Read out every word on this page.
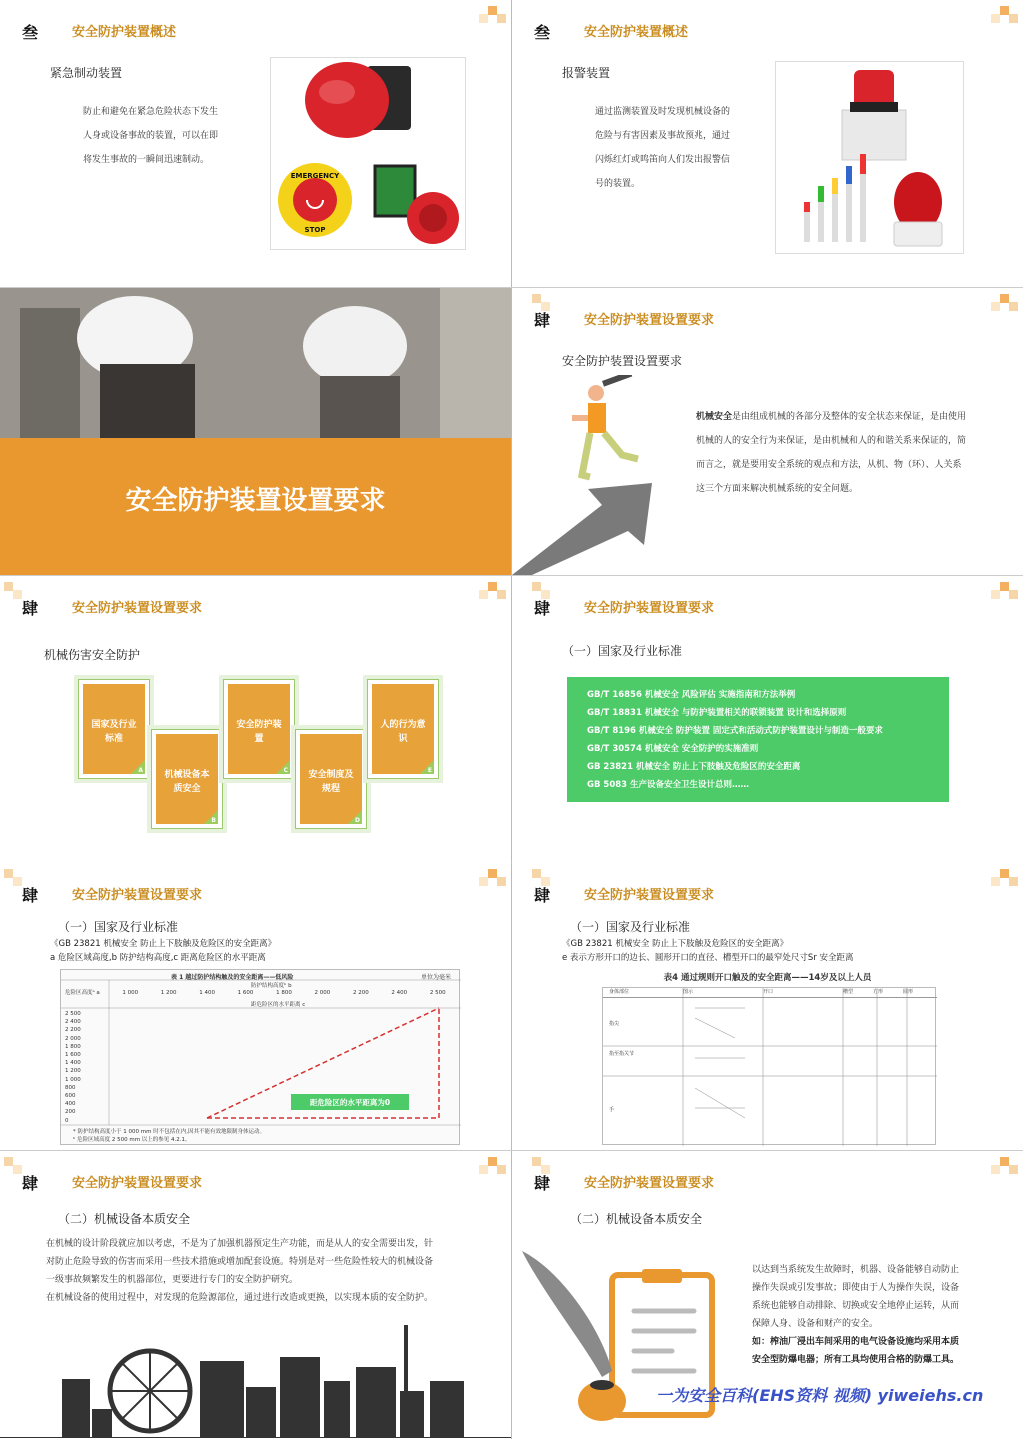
叁	安全防护装置概述
紧急制动装置
防止和避免在紧急危险状态下发生
人身或设备事故的装置，可以在即
将发生事故的一瞬间迅速制动。
EMERGENCY
STOP
叁	安全防护装置概述
报警装置
通过监测装置及时发现机械设备的
危险与有害因素及事故预兆，通过
闪烁红灯或鸣笛向人们发出报警信
号的装置。
安全防护装置设置要求
肆	安全防护装置设置要求
安全防护装置设置要求
机械安全是由组成机械的各部分及整体的安全状态来保证，是由使用
机械的人的安全行为来保证，是由机械和人的和谐关系来保证的，简
而言之，就是要用安全系统的观点和方法，从机、物（环）、人关系
这三个方面来解决机械系统的安全问题。
肆	安全防护装置设置要求
机械伤害安全防护
国家及行业标准
A 机械设备本质安全
B
安全防护装置
C 安全制度及规程
D
人的行为意识
E
肆	安全防护装置设置要求
（一）国家及行业标准
GB/T 16856 机械安全 风险评估 实施指南和方法举例
GB/T 18831 机械安全 与防护装置相关的联锁装置 设计和选择原则
GB/T 8196 机械安全 防护装置 固定式和活动式防护装置设计与制造一般要求
GB/T 30574 机械安全 安全防护的实施准则
GB 23821 机械安全 防止上下肢触及危险区的安全距离
GB 5083 生产设备安全卫生设计总则……
肆	安全防护装置设置要求
（一）国家及行业标准
《GB 23821 机械安全 防止上下肢触及危险区的安全距离》
a 危险区域高度,b 防护结构高度,c 距离危险区的水平距离
表 1 越过防护结构触及的安全距离——低风险	单位为毫米
危险区高度ᵃ a
防护结构高度ᵇ b
距危险区的水平距离 c
1 000	1 200	1 400	1 600	1 800	2 000	2 200	2 400	2 500
2 500
2 400
2 200
2 000
1 800
1 600
1 400
1 200
1 000
800
600
400
200
0
距危险区的水平距离为0
* 防护结构高度小于 1 000 mm 时不包括在内,因其不能有效地限制身体运动。
ᵇ 危险区域高度 2 500 mm 以上的参见 4.2.1。
肆	安全防护装置设置要求
（一）国家及行业标准
《GB 23821 机械安全 防止上下肢触及危险区的安全距离》
e 表示方形开口的边长、圆形开口的直径、槽型开口的最窄处尺寸Sr 安全距离
表4 通过规则开口触及的安全距离——14岁及以上人员
身体部位	图示	开口	槽型	方形	圆形
指尖
指至指关节
手
肆	安全防护装置设置要求
（二）机械设备本质安全
在机械的设计阶段就应加以考虑，不是为了加强机器预定生产功能，而是从人的安全需要出发，针
对防止危险导致的伤害而采用一些技术措施或增加配套设施。特别是对一些危险性较大的机械设备
一级事故频繁发生的机器部位，更要进行专门的安全防护研究。
在机械设备的使用过程中，对发现的危险源部位，通过进行改造或更换，以实现本质的安全防护。
肆	安全防护装置设置要求
（二）机械设备本质安全
以达到当系统发生故障时，机器、设备能够自动防止
操作失误或引发事故；即使由于人为操作失误，设备
系统也能够自动排除、切换或安全地停止运转，从而
保障人身、设备和财产的安全。
如：榨油厂浸出车间采用的电气设备设施均采用本质
安全型防爆电器；所有工具均使用合格的防爆工具。
一为安全百科(EHS资料 视频) yiweiehs.cn
